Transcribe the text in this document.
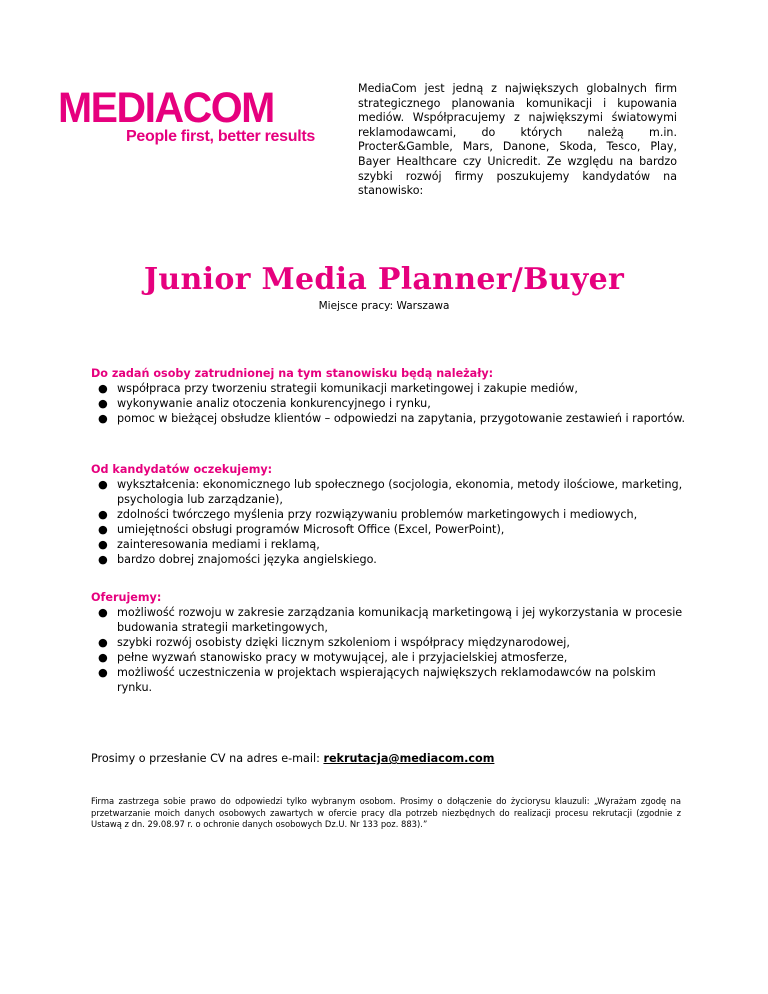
MEDIACOM
People first, better results
MediaCom jest jedną z największych globalnych firm strategicznego planowania komunikacji i kupowania mediów. Współpracujemy z największymi światowymi reklamodawcami, do których należą m.in. Procter&Gamble, Mars, Danone, Skoda, Tesco, Play, Bayer Healthcare czy Unicredit. Ze względu na bardzo szybki rozwój firmy poszukujemy kandydatów na stanowisko:
Junior Media Planner/Buyer
Miejsce pracy: Warszawa
Do zadań osoby zatrudnionej na tym stanowisku będą należały:
● współpraca przy tworzeniu strategii komunikacji marketingowej i zakupie mediów,
● wykonywanie analiz otoczenia konkurencyjnego i rynku,
● pomoc w bieżącej obsłudze klientów – odpowiedzi na zapytania, przygotowanie zestawień i raportów.
Od kandydatów oczekujemy:
● wykształcenia: ekonomicznego lub społecznego (socjologia, ekonomia, metody ilościowe, marketing, psychologia lub zarządzanie),
● zdolności twórczego myślenia przy rozwiązywaniu problemów marketingowych i mediowych,
● umiejętności obsługi programów Microsoft Office (Excel, PowerPoint),
● zainteresowania mediami i reklamą,
● bardzo dobrej znajomości języka angielskiego.
Oferujemy:
● możliwość rozwoju w zakresie zarządzania komunikacją marketingową i jej wykorzystania w procesie budowania strategii marketingowych,
● szybki rozwój osobisty dzięki licznym szkoleniom i współpracy międzynarodowej,
● pełne wyzwań stanowisko pracy w motywującej, ale i przyjacielskiej atmosferze,
● możliwość uczestniczenia w projektach wspierających największych reklamodawców na polskim rynku.
Prosimy o przesłanie CV na adres e-mail: rekrutacja@mediacom.com
Firma zastrzega sobie prawo do odpowiedzi tylko wybranym osobom. Prosimy o dołączenie do życiorysu klauzuli: „Wyrażam zgodę na przetwarzanie moich danych osobowych zawartych w ofercie pracy dla potrzeb niezbędnych do realizacji procesu rekrutacji (zgodnie z Ustawą z dn. 29.08.97 r. o ochronie danych osobowych Dz.U. Nr 133 poz. 883).”
